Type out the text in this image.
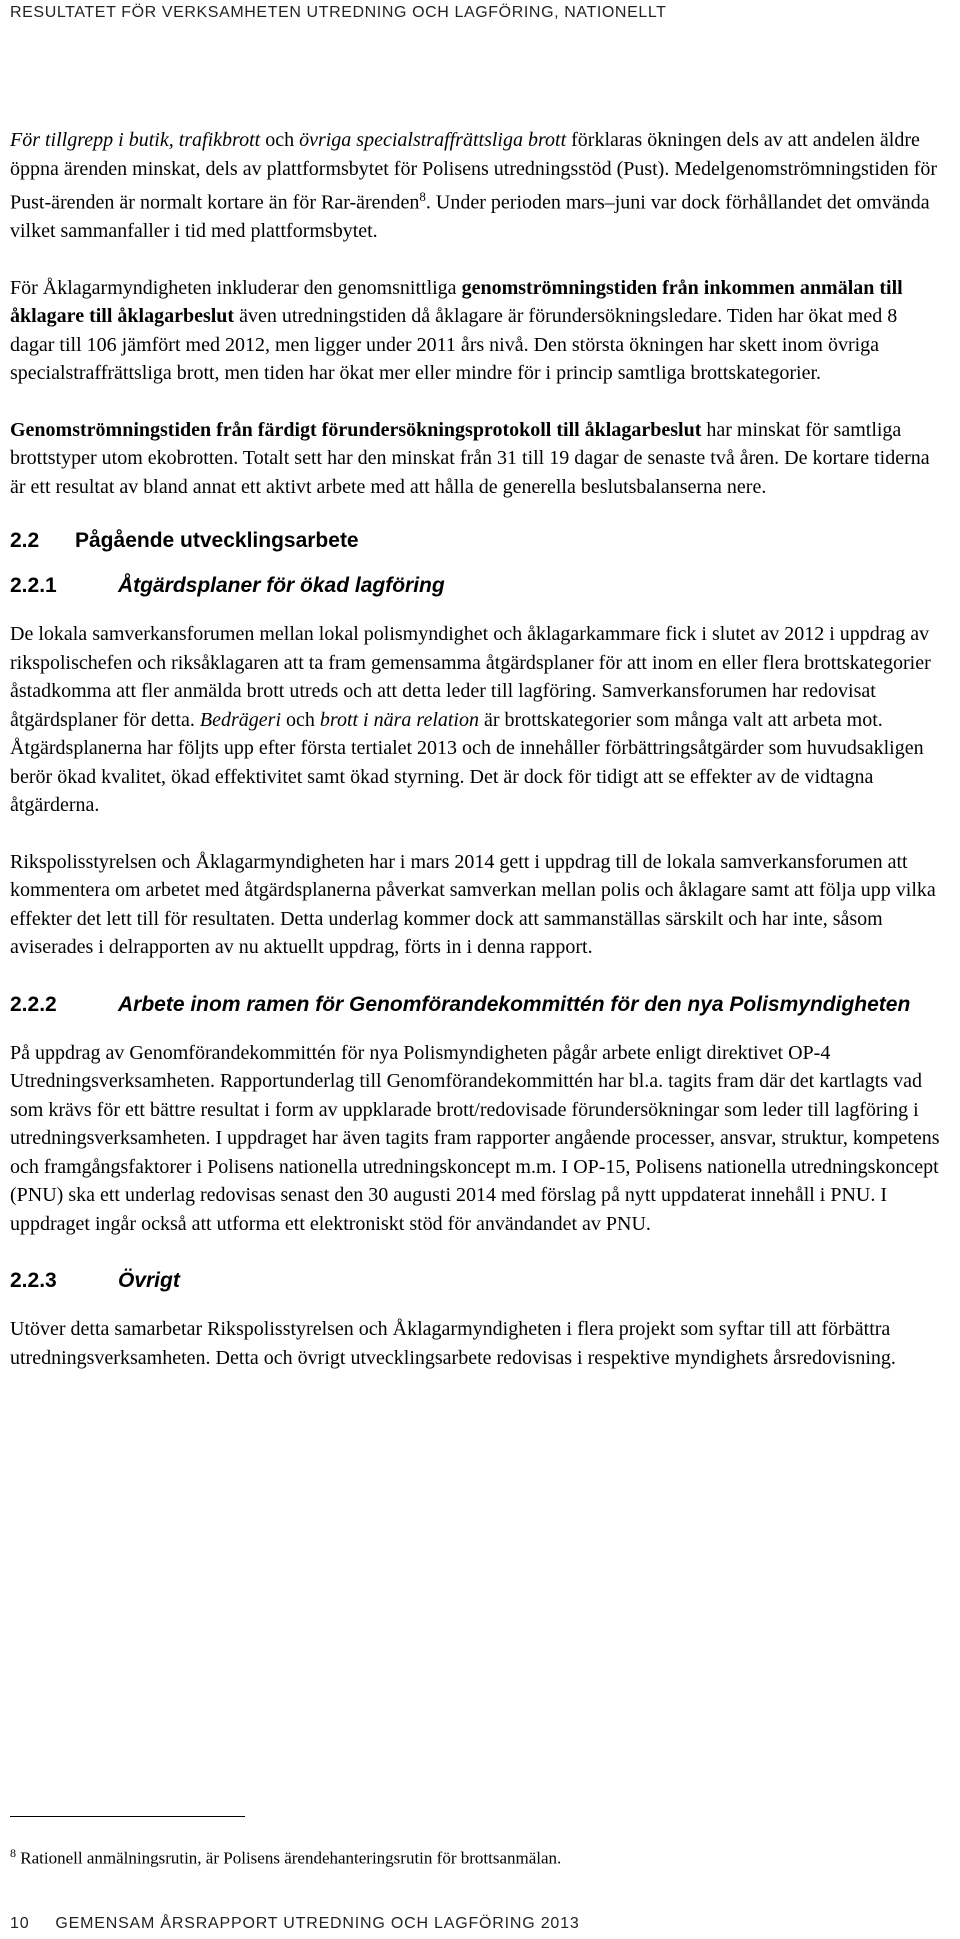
RESULTATET FÖR VERKSAMHETEN UTREDNING OCH LAGFÖRING, NATIONELLT

För tillgrepp i butik, trafikbrott och övriga specialstraffrättsliga brott förklaras ökningen dels av att andelen äldre öppna ärenden minskat, dels av plattformsbytet för Polisens utredningsstöd (Pust). Medelgenomströmningstiden för Pust-ärenden är normalt kortare än för Rar-ärenden$^8$. Under perioden mars–juni var dock förhållandet det omvända vilket sammanfaller i tid med plattformsbytet.

För Åklagarmyndigheten inkluderar den genomsnittliga genomströmningstiden från inkommen anmälan till åklagare till åklagarbeslut även utredningstiden då åklagare är förundersökningsledare. Tiden har ökat med 8 dagar till 106 jämfört med 2012, men ligger under 2011 års nivå. Den största ökningen har skett inom övriga specialstraffrättsliga brott, men tiden har ökat mer eller mindre för i princip samtliga brottskategorier.

Genomströmningstiden från färdigt förundersökningsprotokoll till åklagarbeslut har minskat för samtliga brottstyper utom ekobrotten. Totalt sett har den minskat från 31 till 19 dagar de senaste två åren. De kortare tiderna är ett resultat av bland annat ett aktivt arbete med att hålla de generella beslutsbalanserna nere.

2.2	Pågående utvecklingsarbete
2.2.1	Åtgärdsplaner för ökad lagföring

De lokala samverkansforumen mellan lokal polismyndighet och åklagarkammare fick i slutet av 2012 i uppdrag av rikspolischefen och riksåklagaren att ta fram gemensamma åtgärdsplaner för att inom en eller flera brottskategorier åstadkomma att fler anmälda brott utreds och att detta leder till lagföring. Samverkansforumen har redovisat åtgärdsplaner för detta. Bedrägeri och brott i nära relation är brottskategorier som många valt att arbeta mot. Åtgärdsplanerna har följts upp efter första tertialet 2013 och de innehåller förbättringsåtgärder som huvudsakligen berör ökad kvalitet, ökad effektivitet samt ökad styrning. Det är dock för tidigt att se effekter av de vidtagna åtgärderna.

Rikspolisstyrelsen och Åklagarmyndigheten har i mars 2014 gett i uppdrag till de lokala samverkansforumen att kommentera om arbetet med åtgärdsplanerna påverkat samverkan mellan polis och åklagare samt att följa upp vilka effekter det lett till för resultaten. Detta underlag kommer dock att sammanställas särskilt och har inte, såsom aviserades i delrapporten av nu aktuellt uppdrag, förts in i denna rapport.

2.2.2	Arbete inom ramen för Genomförandekommittén för den nya Polismyndigheten

På uppdrag av Genomförandekommittén för nya Polismyndigheten pågår arbete enligt direktivet OP-4 Utredningsverksamheten. Rapportunderlag till Genomförandekommittén har bl.a. tagits fram där det kartlagts vad som krävs för ett bättre resultat i form av uppklarade brott/redovisade förundersökningar som leder till lagföring i utredningsverksamheten. I uppdraget har även tagits fram rapporter angående processer, ansvar, struktur, kompetens och framgångsfaktorer i Polisens nationella utredningskoncept m.m. I OP-15, Polisens nationella utredningskoncept (PNU) ska ett underlag redovisas senast den 30 augusti 2014 med förslag på nytt uppdaterat innehåll i PNU. I uppdraget ingår också att utforma ett elektroniskt stöd för användandet av PNU.

2.2.3	Övrigt

Utöver detta samarbetar Rikspolisstyrelsen och Åklagarmyndigheten i flera projekt som syftar till att förbättra utredningsverksamheten. Detta och övrigt utvecklingsarbete redovisas i respektive myndighets årsredovisning.

$^8$ Rationell anmälningsrutin, är Polisens ärendehanteringsrutin för brottsanmälan.
10 GEMENSAM ÅRSRAPPORT UTREDNING OCH LAGFÖRING 2013
